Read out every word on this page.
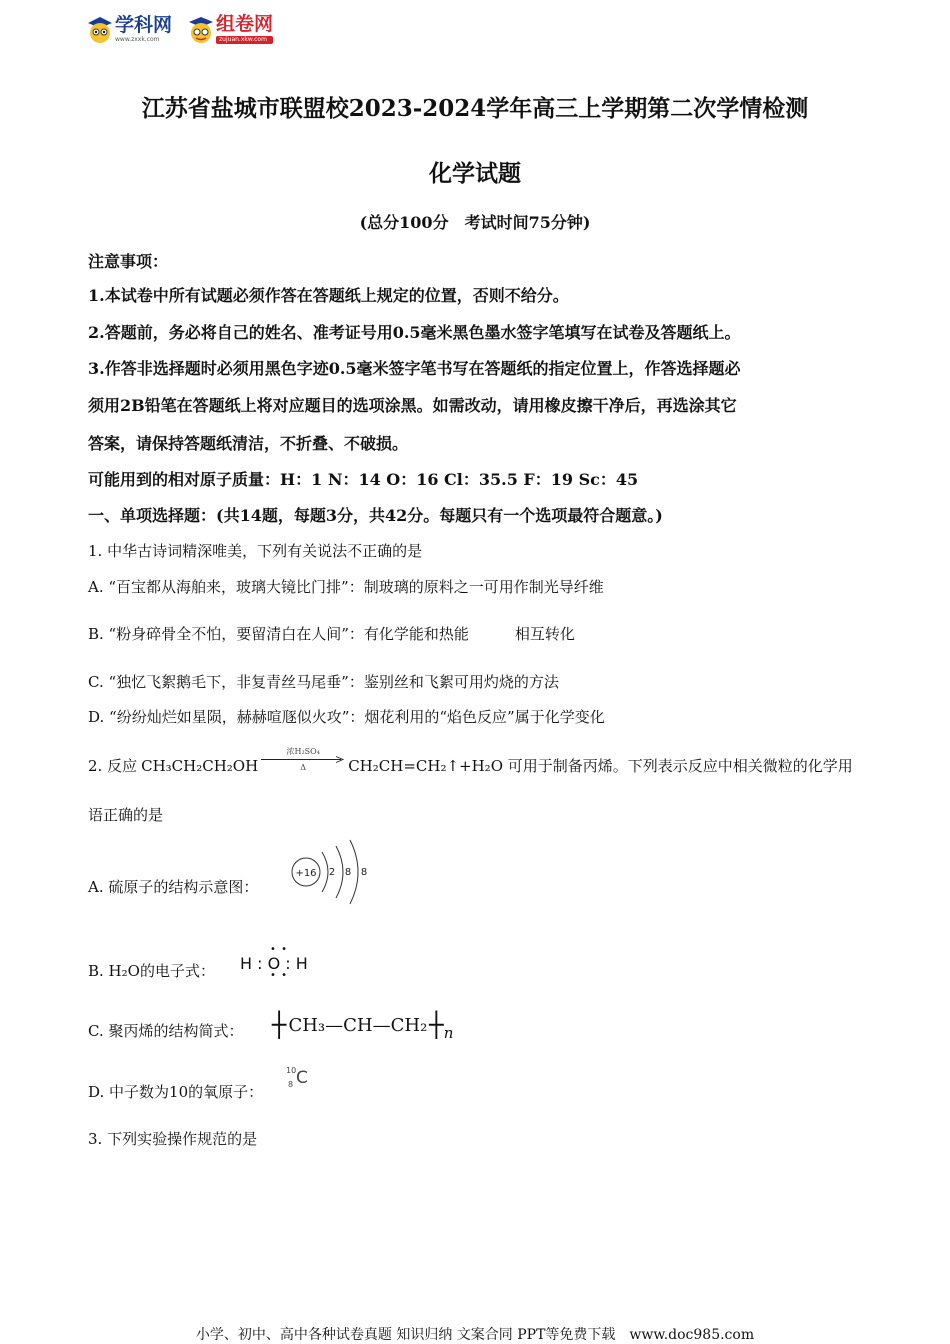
学科网
www.zxxk.com
组卷网
zujuan.xkw.com
江苏省盐城市联盟校2023-2024学年高三上学期第二次学情检测
化学试题
(总分100分　考试时间75分钟)
注意事项：
1.本试卷中所有试题必须作答在答题纸上规定的位置，否则不给分。
2.答题前，务必将自己的姓名、准考证号用0.5毫米黑色墨水签字笔填写在试卷及答题纸上。
3.作答非选择题时必须用黑色字迹0.5毫米签字笔书写在答题纸的指定位置上，作答选择题必
须用2B铅笔在答题纸上将对应题目的选项涂黑。如需改动，请用橡皮擦干净后，再选涂其它
答案，请保持答题纸清洁，不折叠、不破损。
可能用到的相对原子质量：H：1 N：14 O：16 Cl：35.5 F：19 Sc：45
一、单项选择题：(共14题，每题3分，共42分。每题只有一个选项最符合题意。)
1. 中华古诗词精深唯美，下列有关说法不正确的是
A. “百宝都从海舶来，玻璃大镜比门排”：制玻璃的原料之一可用作制光导纤维
B. “粉身碎骨全不怕，要留清白在人间”：有化学能和热能	相互转化
C. “独忆飞絮鹅毛下，非复青丝马尾垂”：鉴别丝和飞絮可用灼烧的方法
D. “纷纷灿烂如星陨，赫赫喧豗似火攻”：烟花利用的“焰色反应”属于化学变化
2. 反应 CH₃CH₂CH₂OH
浓H₂SO₄
Δ	CH₂CH=CH₂↑+H₂O 可用于制备丙烯。下列表示反应中相关微粒的化学用
语正确的是
A. 硫原子的结构示意图：
+16 2 8 8
B. H₂O的电子式：
• •
H : O : H
• •
C. 聚丙烯的结构简式： ┼ CH₃—CH—CH₂ ┼ n
D. 中子数为10的氧原子：
10
8 C
3. 下列实验操作规范的是
小学、初中、高中各种试卷真题 知识归纳 文案合同 PPT等免费下载　www.doc985.com
